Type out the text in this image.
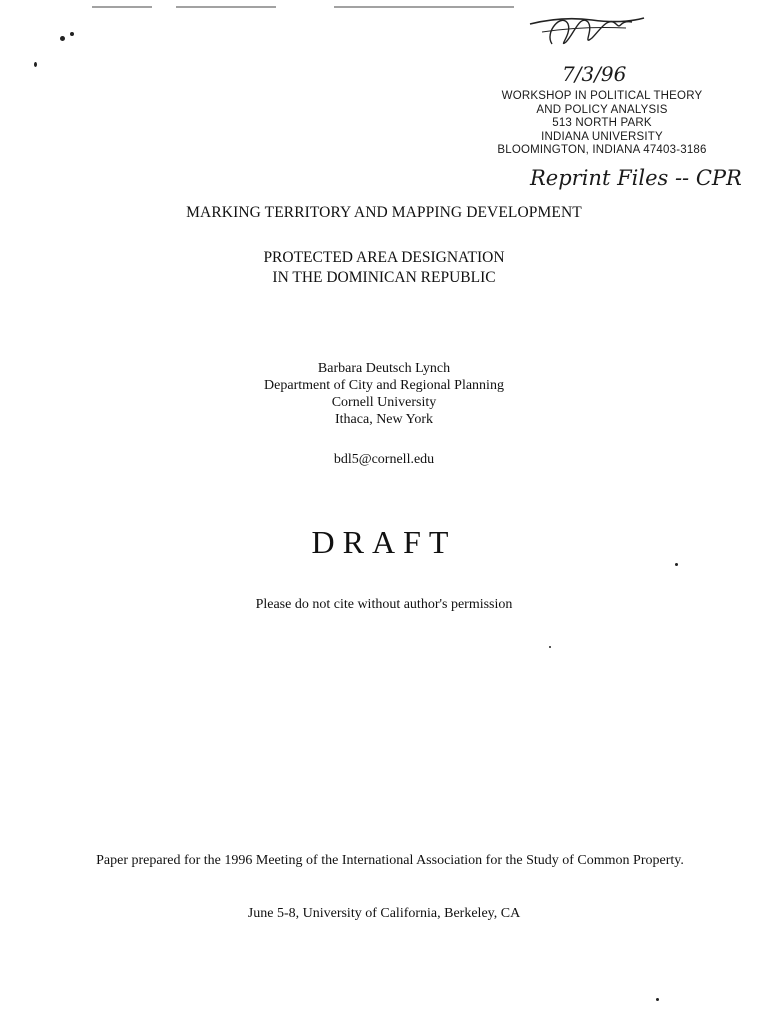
7/3/96
WORKSHOP IN POLITICAL THEORY
AND POLICY ANALYSIS
513 NORTH PARK
INDIANA UNIVERSITY
BLOOMINGTON, INDIANA 47403-3186
Reprint Files -- CPR
MARKING TERRITORY AND MAPPING DEVELOPMENT
PROTECTED AREA DESIGNATION
IN THE DOMINICAN REPUBLIC
Barbara Deutsch Lynch
Department of City and Regional Planning
Cornell University
Ithaca, New York
bdl5@cornell.edu
DRAFT
Please do not cite without author's permission
Paper prepared for the 1996 Meeting of the International Association for the Study of Common Property.
June 5-8, University of California, Berkeley, CA
